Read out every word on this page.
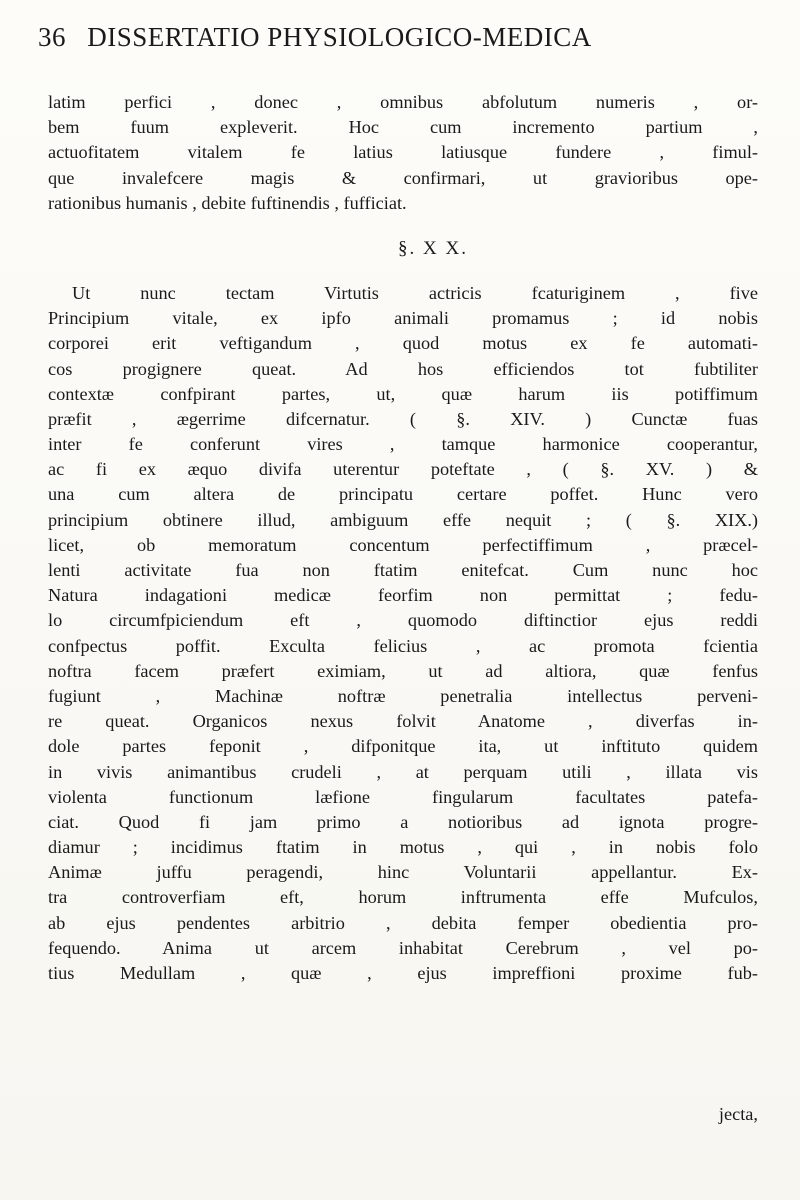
36 DISSERTATIO PHYSIOLOGICO-MEDICA
latim perfici , donec , omnibus abfolutum numeris , or-
bem fuum expleverit. Hoc cum incremento partium ,
actuofitatem vitalem fe latius latiusque fundere , fimul-
que invalefcere magis & confirmari, ut gravioribus ope-
rationibus humanis , debite fuftinendis , fufficiat.
§. X X.
Ut nunc tectam Virtutis actricis fcaturiginem , five
Principium vitale, ex ipfo animali promamus ; id nobis
corporei erit veftigandum , quod motus ex fe automati-
cos progignere queat. Ad hos efficiendos tot fubtiliter
contextæ confpirant partes, ut, quæ harum iis potiffimum
præfit , ægerrime difcernatur. ( §. XIV. ) Cunctæ fuas
inter fe conferunt vires , tamque harmonice cooperantur,
ac fi ex æquo divifa uterentur poteftate , ( §. XV. ) &
una cum altera de principatu certare poffet. Hunc vero
principium obtinere illud, ambiguum effe nequit ; ( §. XIX.)
licet, ob memoratum concentum perfectiffimum , præcel-
lenti activitate fua non ftatim enitefcat. Cum nunc hoc
Natura indagationi medicæ feorfim non permittat ; fedu-
lo circumfpiciendum eft , quomodo diftinctior ejus reddi
confpectus poffit. Exculta felicius , ac promota fcientia
noftra facem præfert eximiam, ut ad altiora, quæ fenfus
fugiunt , Machinæ noftræ penetralia intellectus perveni-
re queat. Organicos nexus folvit Anatome , diverfas in-
dole partes feponit , difponitque ita, ut inftituto quidem
in vivis animantibus crudeli , at perquam utili , illata vis
violenta functionum læfione fingularum facultates patefa-
ciat. Quod fi jam primo a notioribus ad ignota progre-
diamur ; incidimus ftatim in motus , qui , in nobis folo
Animæ juffu peragendi, hinc Voluntarii appellantur. Ex-
tra controverfiam eft, horum inftrumenta effe Mufculos,
ab ejus pendentes arbitrio , debita femper obedientia pro-
fequendo. Anima ut arcem inhabitat Cerebrum , vel po-
tius Medullam , quæ , ejus impreffioni proxime fub-
jecta,
